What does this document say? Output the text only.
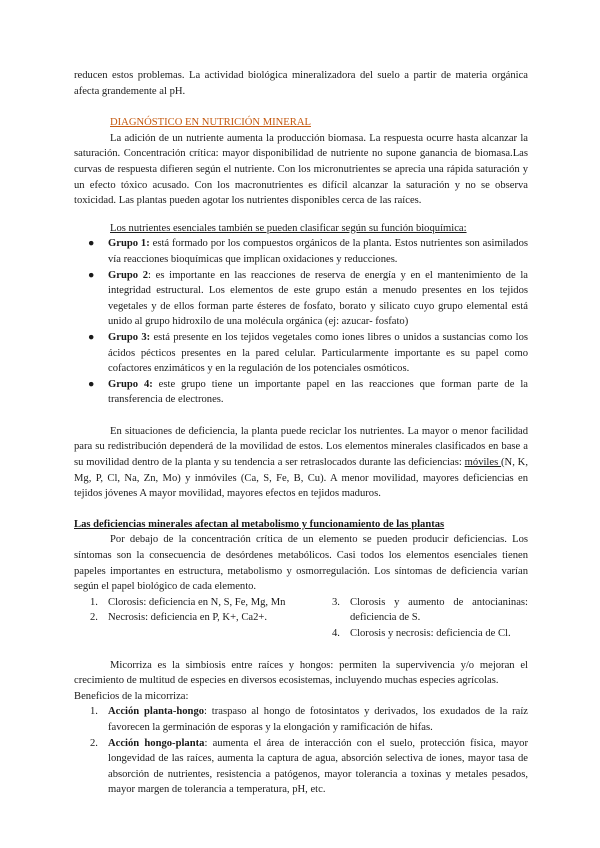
reducen estos problemas. La actividad biológica mineralizadora del suelo a partir de materia orgánica afecta grandemente al pH.

DIAGNÓSTICO EN NUTRICIÓN MINERAL

La adición de un nutriente aumenta la producción biomasa. La respuesta ocurre hasta alcanzar la saturación. Concentración crítica: mayor disponibilidad de nutriente no supone ganancia de biomasa.Las curvas de respuesta difieren según el nutriente. Con los micronutrientes se aprecia una rápida saturación y un efecto tóxico acusado. Con los macronutrientes es difícil alcanzar la saturación y no se observa toxicidad. Las plantas pueden agotar los nutrientes disponibles cerca de las raíces.

Los nutrientes esenciales también se pueden clasificar según su función bioquímica:

● Grupo 1: está formado por los compuestos orgánicos de la planta. Estos nutrientes son asimilados vía reacciones bioquímicas que implican oxidaciones y reducciones.
● Grupo 2: es importante en las reacciones de reserva de energía y en el mantenimiento de la integridad estructural. Los elementos de este grupo están a menudo presentes en los tejidos vegetales y de ellos forman parte ésteres de fosfato, borato y silicato cuyo grupo elemental está unido al grupo hidroxilo de una molécula orgánica (ej: azucar- fosfato)
● Grupo 3: está presente en los tejidos vegetales como iones libres o unidos a sustancias como los ácidos pécticos presentes en la pared celular. Particularmente importante es su papel como cofactores enzimáticos y en la regulación de los potenciales osmóticos.
● Grupo 4: este grupo tiene un importante papel en las reacciones que forman parte de la transferencia de electrones.

En situaciones de deficiencia, la planta puede reciclar los nutrientes. La mayor o menor facilidad para su redistribución dependerá de la movilidad de estos. Los elementos minerales clasificados en base a su movilidad dentro de la planta y su tendencia a ser retraslocados durante las deficiencias: móviles (N, K, Mg, P, Cl, Na, Zn, Mo) y inmóviles (Ca, S, Fe, B, Cu). A menor movilidad, mayores deficiencias en tejidos jóvenes A mayor movilidad, mayores efectos en tejidos maduros.

Las deficiencias minerales afectan al metabolismo y funcionamiento de las plantas

Por debajo de la concentración crítica de un elemento se pueden producir deficiencias. Los síntomas son la consecuencia de desórdenes metabólicos. Casi todos los elementos esenciales tienen papeles importantes en estructura, metabolismo y osmorregulación. Los síntomas de deficiencia varían según el papel biológico de cada elemento.

1. Clorosis: deficiencia en N, S, Fe, Mg, Mn
2. Necrosis: deficiencia en P, K+, Ca2+.
3. Clorosis y aumento de antocianinas: deficiencia de S.
4. Clorosis y necrosis: deficiencia de Cl.

Micorriza es la simbiosis entre raíces y hongos: permiten la supervivencia y/o mejoran el crecimiento de multitud de especies en diversos ecosistemas, incluyendo muchas especies agrícolas.

Beneficios de la micorriza:

1. Acción planta-hongo: traspaso al hongo de fotosintatos y derivados, los exudados de la raíz favorecen la germinación de esporas y la elongación y ramificación de hifas.
2. Acción hongo-planta: aumenta el área de interacción con el suelo, protección física, mayor longevidad de las raíces, aumenta la captura de agua, absorción selectiva de iones, mayor tasa de absorción de nutrientes, resistencia a patógenos, mayor tolerancia a toxinas y metales pesados, mayor margen de tolerancia a temperatura, pH, etc.
